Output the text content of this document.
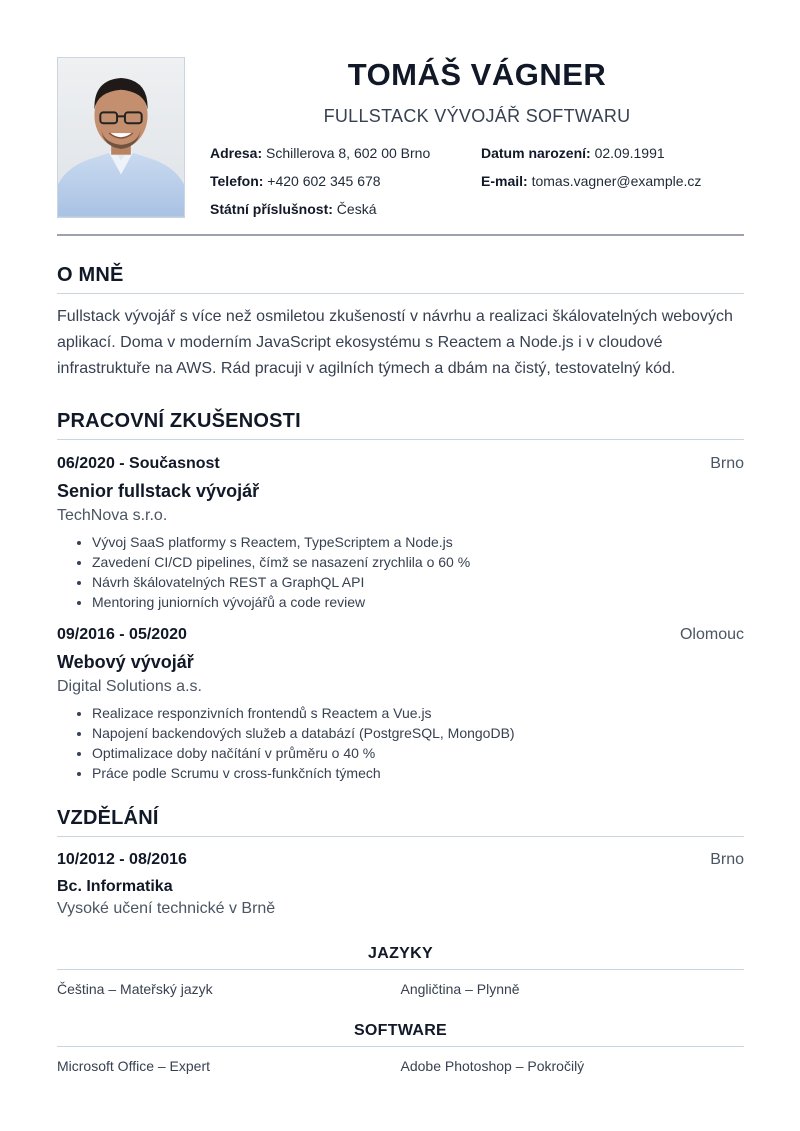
TOMÁŠ VÁGNER
FULLSTACK VÝVOJÁŘ SOFTWARU
Adresa: Schillerova 8, 602 00 Brno	Datum narození: 02.09.1991
Telefon: +420 602 345 678	E-mail: tomas.vagner@example.cz
Státní příslušnost: Česká
O MNĚ

Fullstack vývojář s více než osmiletou zkušeností v návrhu a realizaci škálovatelných webových aplikací. Doma v moderním JavaScript ekosystému s Reactem a Node.js i v cloudové infrastruktuře na AWS. Rád pracuji v agilních týmech a dbám na čistý, testovatelný kód.

PRACOVNÍ ZKUŠENOSTI
06/2020 - Současnost	Brno
Senior fullstack vývojář
TechNova s.r.o.
• Vývoj SaaS platformy s Reactem, TypeScriptem a Node.js
• Zavedení CI/CD pipelines, čímž se nasazení zrychlila o 60 %
• Návrh škálovatelných REST a GraphQL API
• Mentoring juniorních vývojářů a code review
09/2016 - 05/2020	Olomouc
Webový vývojář
Digital Solutions a.s.
• Realizace responzivních frontendů s Reactem a Vue.js
• Napojení backendových služeb a databází (PostgreSQL, MongoDB)
• Optimalizace doby načítání v průměru o 40 %
• Práce podle Scrumu v cross-funkčních týmech
VZDĚLÁNÍ
10/2012 - 08/2016	Brno
Bc. Informatika
Vysoké učení technické v Brně
JAZYKY
Čeština – Mateřský jazyk	Angličtina – Plynně
SOFTWARE
Microsoft Office – Expert	Adobe Photoshop – Pokročilý
